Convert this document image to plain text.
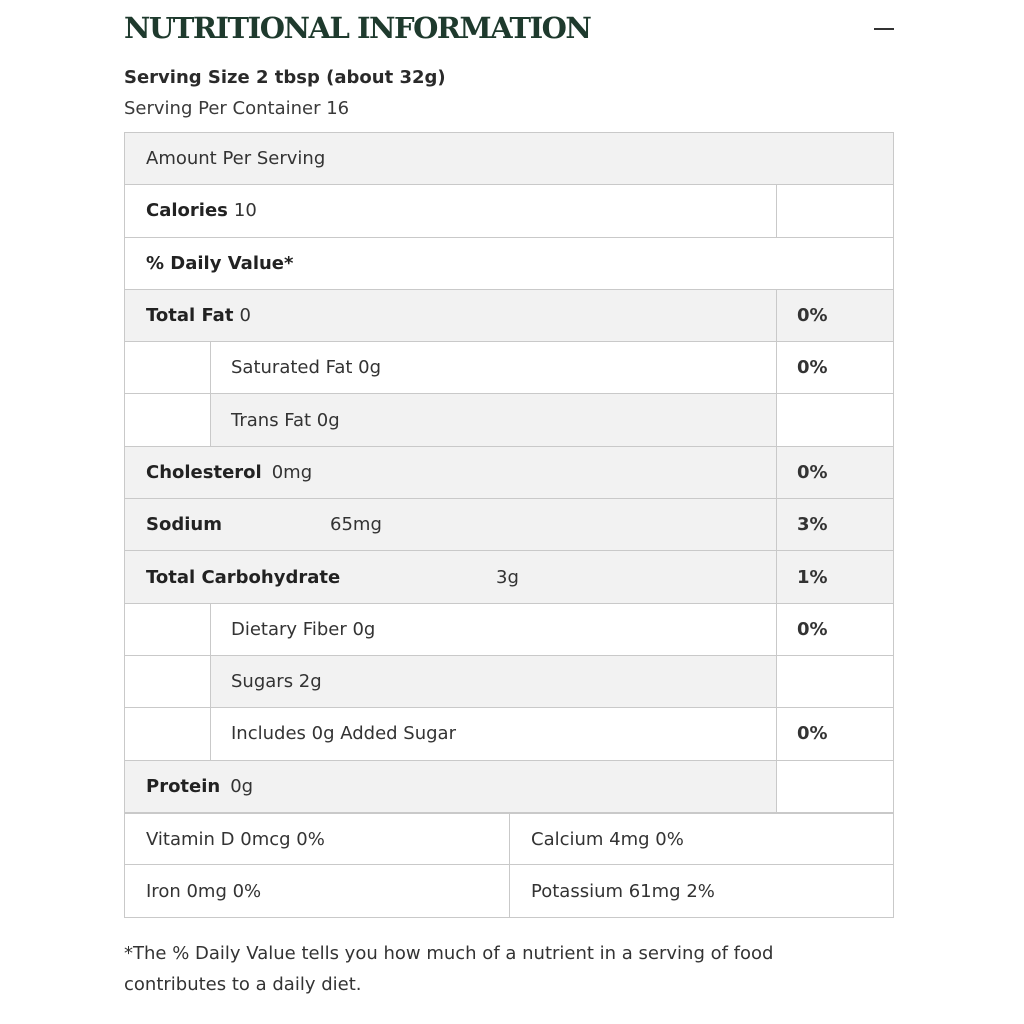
NUTRITIONAL INFORMATION
Serving Size 2 tbsp (about 32g)
Serving Per Container 16
Amount Per Serving
Calories 10
% Daily Value*
Total Fat 0	0%
Saturated Fat 0g	0%
Trans Fat 0g
Cholesterol 0mg	0%
Sodium	65mg	3%
Total Carbohydrate	3g	1%
Dietary Fiber 0g	0%
Sugars 2g
Includes 0g Added Sugar	0%
Protein 0g
Vitamin D 0mcg 0%	Calcium 4mg 0%
Iron 0mg 0%	Potassium 61mg 2%
*The % Daily Value tells you how much of a nutrient in a serving of food contributes to a daily diet.
